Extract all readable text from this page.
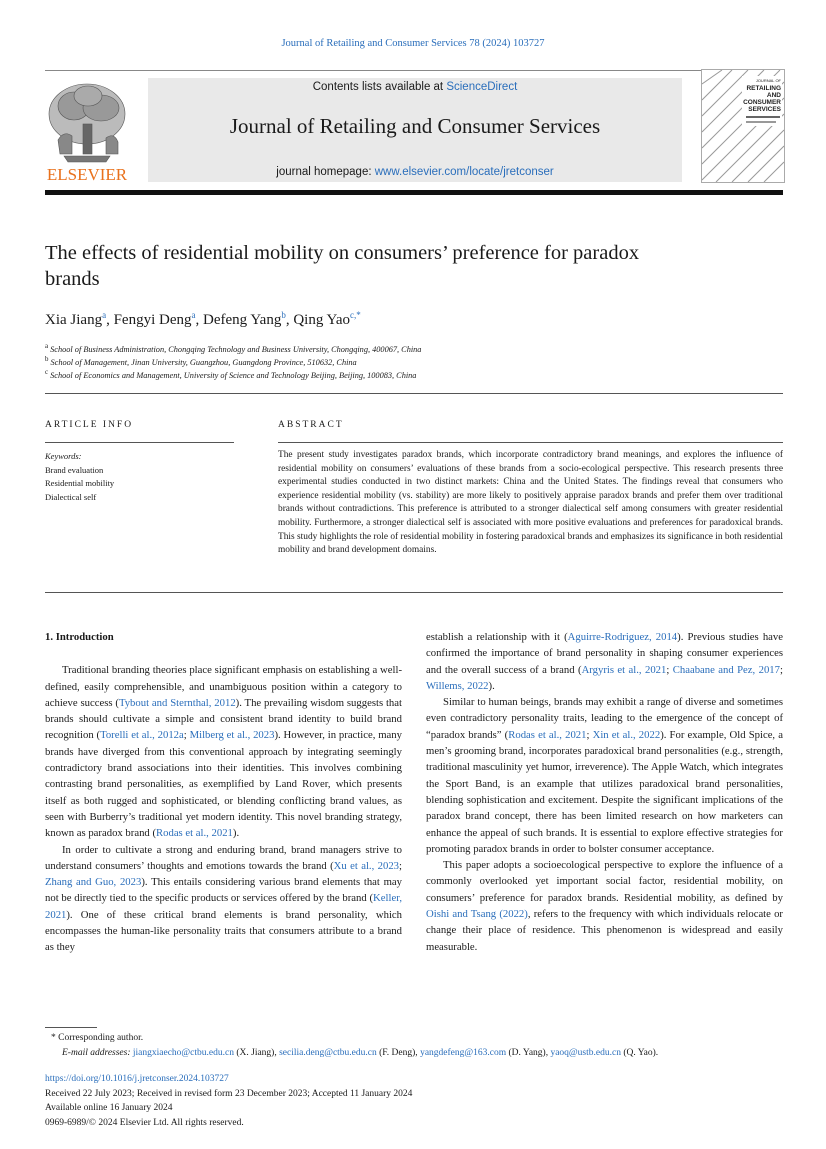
Journal of Retailing and Consumer Services 78 (2024) 103727
ELSEVIER
Contents lists available at ScienceDirect
Journal of Retailing and Consumer Services
journal homepage: www.elsevier.com/locate/jretconser
JOURNAL OF
RETAILING
AND
CONSUMER
SERVICES
The effects of residential mobility on consumers’ preference for paradox brands
Xia Jiang$^a$, Fengyi Deng$^a$, Defeng Yang$^b$, Qing Yao$^{c,*}$
$^a$ School of Business Administration, Chongqing Technology and Business University, Chongqing, 400067, China
$^b$ School of Management, Jinan University, Guangzhou, Guangdong Province, 510632, China
$^c$ School of Economics and Management, University of Science and Technology Beijing, Beijing, 100083, China
ARTICLE INFO	ABSTRACT
Keywords:
Brand evaluation
Residential mobility
Dialectical self
The present study investigates paradox brands, which incorporate contradictory brand meanings, and explores the influence of residential mobility on consumers’ evaluations of these brands from a socio-ecological perspective. This research presents three experimental studies conducted in two distinct markets: China and the United States. The findings reveal that consumers who experience residential mobility (vs. stability) are more likely to positively appraise paradox brands and prefer them over traditional brands without contradictions. This preference is attributed to a stronger dialectical self among consumers with greater residential mobility. Furthermore, a stronger dialectical self is associated with more positive evaluations and preferences for paradoxical brands. This study highlights the role of residential mobility in fostering paradoxical brands and emphasizes its significance in both residential mobility and brand development domains.
1. Introduction

Traditional branding theories place significant emphasis on establishing a well-defined, easily comprehensible, and unambiguous position within a category to achieve success (Tybout and Sternthal, 2012). The prevailing wisdom suggests that brands should cultivate a simple and consistent brand identity to build brand recognition (Torelli et al., 2012a; Milberg et al., 2023). However, in practice, many brands have diverged from this conventional approach by integrating seemingly contradictory brand associations into their identities. This involves combining contrasting brand personalities, as exemplified by Land Rover, which presents itself as both rugged and sophisticated, or blending conflicting brand values, as seen with Burberry’s traditional yet modern identity. This novel branding strategy, known as paradox brand (Rodas et al., 2021).

In order to cultivate a strong and enduring brand, brand managers strive to understand consumers’ thoughts and emotions towards the brand (Xu et al., 2023; Zhang and Guo, 2023). This entails considering various brand elements that may not be directly tied to the specific products or services offered by the brand (Keller, 2021). One of these critical brand elements is brand personality, which encompasses the human-like personality traits that consumers attribute to a brand as they

establish a relationship with it (Aguirre-Rodriguez, 2014). Previous studies have confirmed the importance of brand personality in shaping consumer experiences and the overall success of a brand (Argyris et al., 2021; Chaabane and Pez, 2017; Willems, 2022).

Similar to human beings, brands may exhibit a range of diverse and sometimes even contradictory personality traits, leading to the emergence of the concept of “paradox brands” (Rodas et al., 2021; Xin et al., 2022). For example, Old Spice, a men’s grooming brand, incorporates paradoxical brand personalities (e.g., strength, traditional masculinity yet humor, irreverence). The Apple Watch, which integrates the Sport Band, is an example that utilizes paradoxical brand personalities, blending sophistication and excitement. Despite the significant implications of the paradox brand concept, there has been limited research on how marketers can enhance the appeal of such brands. It is essential to explore effective strategies for promoting paradox brands in order to bolster consumer acceptance.

This paper adopts a socioecological perspective to explore the influence of a commonly overlooked yet important social factor, residential mobility, on consumers’ preference for paradox brands. Residential mobility, as defined by Oishi and Tsang (2022), refers to the frequency with which individuals relocate or change their place of residence. This phenomenon is widespread and easily measurable.

* Corresponding author.
E-mail addresses: jiangxiaecho@ctbu.edu.cn (X. Jiang), secilia.deng@ctbu.edu.cn (F. Deng), yangdefeng@163.com (D. Yang), yaoq@ustb.edu.cn (Q. Yao).
https://doi.org/10.1016/j.jretconser.2024.103727
Received 22 July 2023; Received in revised form 23 December 2023; Accepted 11 January 2024
Available online 16 January 2024
0969-6989/© 2024 Elsevier Ltd. All rights reserved.
